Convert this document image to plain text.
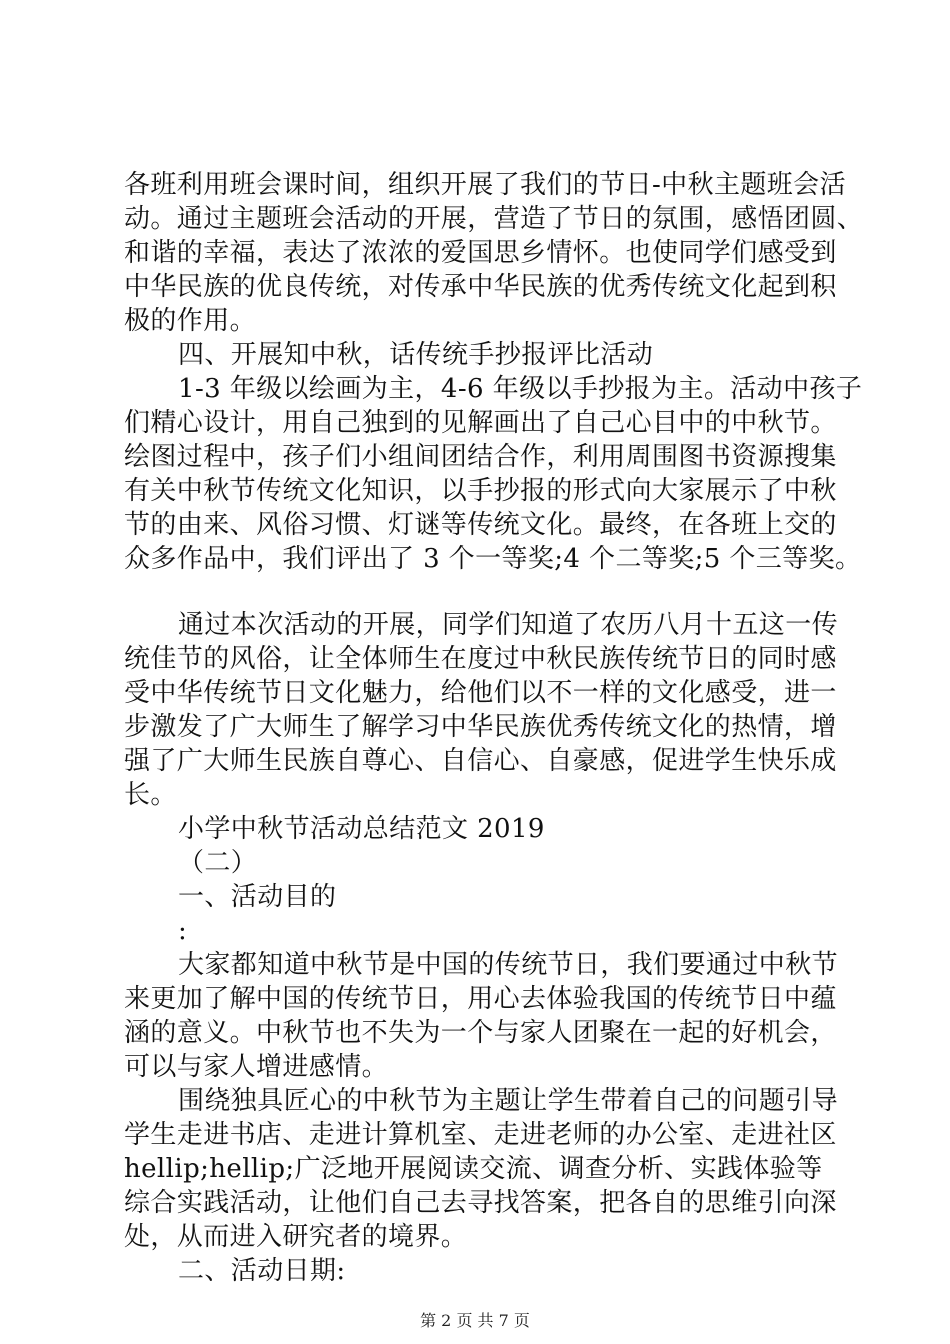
各班利用班会课时间，组织开展了我们的节日-中秋主题班会活
动。通过主题班会活动的开展，营造了节日的氛围，感悟团圆、
和谐的幸福，表达了浓浓的爱国思乡情怀。也使同学们感受到
中华民族的优良传统，对传承中华民族的优秀传统文化起到积
极的作用。
四、开展知中秋，话传统手抄报评比活动
1-3 年级以绘画为主，4-6 年级以手抄报为主。活动中孩子
们精心设计，用自己独到的见解画出了自己心目中的中秋节。
绘图过程中，孩子们小组间团结合作，利用周围图书资源搜集
有关中秋节传统文化知识，以手抄报的形式向大家展示了中秋
节的由来、风俗习惯、灯谜等传统文化。最终，在各班上交的
众多作品中，我们评出了 3 个一等奖;4 个二等奖;5 个三等奖。
通过本次活动的开展，同学们知道了农历八月十五这一传
统佳节的风俗，让全体师生在度过中秋民族传统节日的同时感
受中华传统节日文化魅力，给他们以不一样的文化感受，进一
步激发了广大师生了解学习中华民族优秀传统文化的热情，增
强了广大师生民族自尊心、自信心、自豪感，促进学生快乐成
长。
小学中秋节活动总结范文 2019
（二）
一、活动目的
:
大家都知道中秋节是中国的传统节日，我们要通过中秋节
来更加了解中国的传统节日，用心去体验我国的传统节日中蕴
涵的意义。中秋节也不失为一个与家人团聚在一起的好机会，
可以与家人增进感情。
围绕独具匠心的中秋节为主题让学生带着自己的问题引导
学生走进书店、走进计算机室、走进老师的办公室、走进社区
hellip;hellip;广泛地开展阅读交流、调查分析、实践体验等
综合实践活动，让他们自己去寻找答案，把各自的思维引向深
处，从而进入研究者的境界。
二、活动日期:
第 2 页 共 7 页
